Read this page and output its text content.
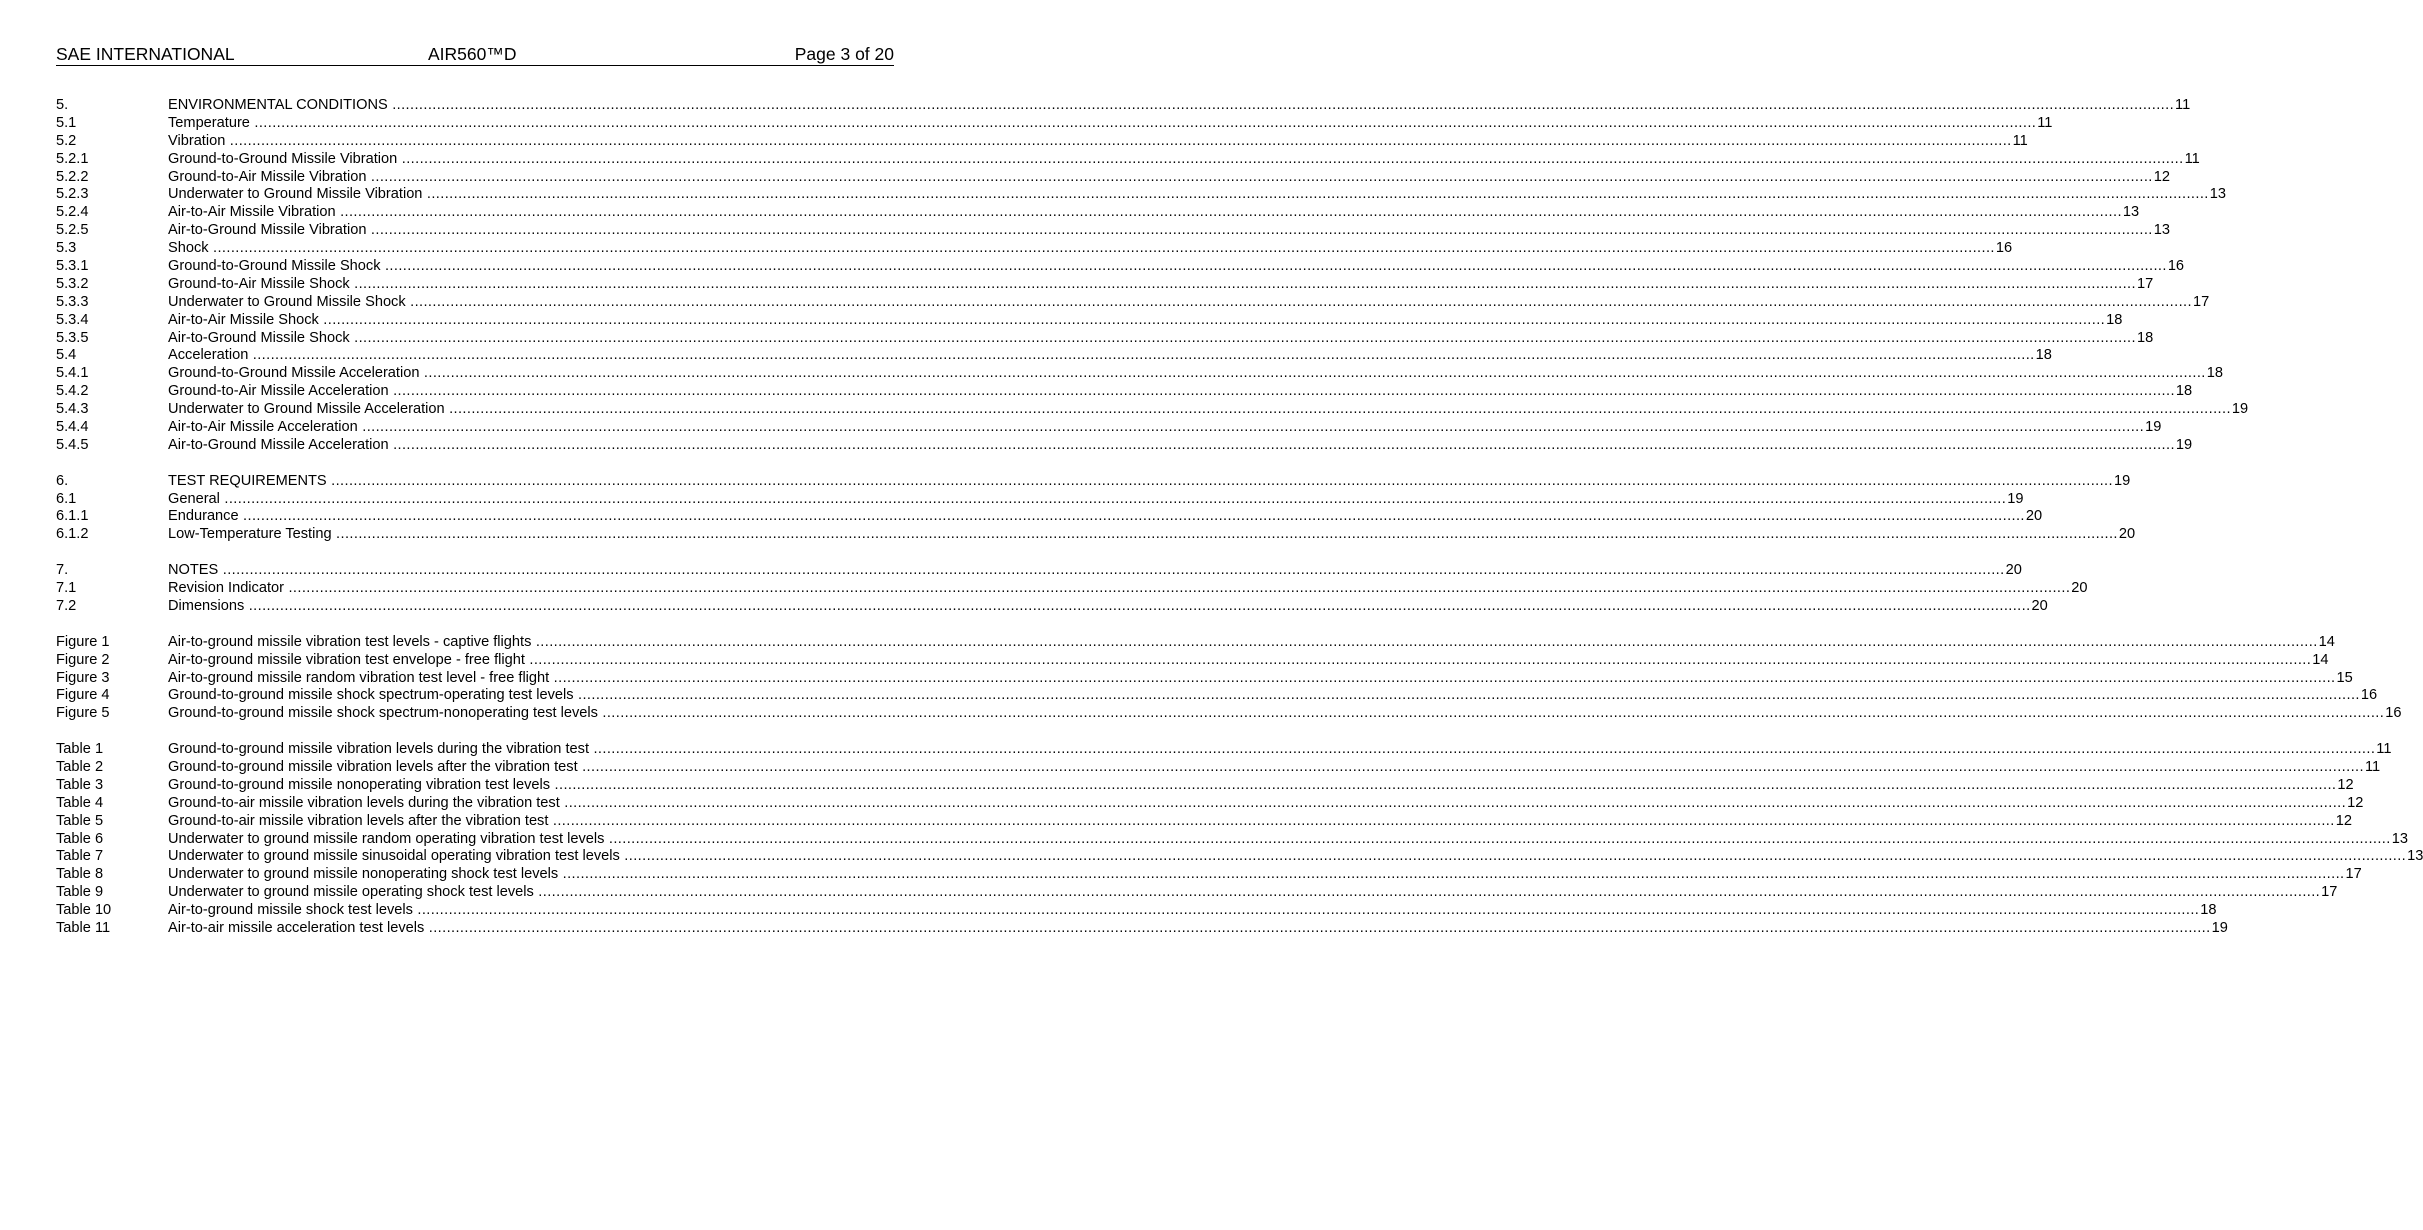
SAE INTERNATIONAL	AIR560™D	Page 3 of 20
5.	ENVIRONMENTAL CONDITIONS ................................................................................................................................................................................................................................................................................................................................................................................................................ 11
5.1	Temperature ................................................................................................................................................................................................................................................................................................................................................................................................................ 11
5.2	Vibration ................................................................................................................................................................................................................................................................................................................................................................................................................ 11
5.2.1	Ground-to-Ground Missile Vibration ................................................................................................................................................................................................................................................................................................................................................................................................................ 11
5.2.2	Ground-to-Air Missile Vibration ................................................................................................................................................................................................................................................................................................................................................................................................................ 12
5.2.3	Underwater to Ground Missile Vibration ................................................................................................................................................................................................................................................................................................................................................................................................................ 13
5.2.4	Air-to-Air Missile Vibration ................................................................................................................................................................................................................................................................................................................................................................................................................ 13
5.2.5	Air-to-Ground Missile Vibration ................................................................................................................................................................................................................................................................................................................................................................................................................ 13
5.3	Shock ................................................................................................................................................................................................................................................................................................................................................................................................................ 16
5.3.1	Ground-to-Ground Missile Shock ................................................................................................................................................................................................................................................................................................................................................................................................................ 16
5.3.2	Ground-to-Air Missile Shock ................................................................................................................................................................................................................................................................................................................................................................................................................ 17
5.3.3	Underwater to Ground Missile Shock ................................................................................................................................................................................................................................................................................................................................................................................................................ 17
5.3.4	Air-to-Air Missile Shock ................................................................................................................................................................................................................................................................................................................................................................................................................ 18
5.3.5	Air-to-Ground Missile Shock ................................................................................................................................................................................................................................................................................................................................................................................................................ 18
5.4	Acceleration ................................................................................................................................................................................................................................................................................................................................................................................................................ 18
5.4.1	Ground-to-Ground Missile Acceleration ................................................................................................................................................................................................................................................................................................................................................................................................................ 18
5.4.2	Ground-to-Air Missile Acceleration ................................................................................................................................................................................................................................................................................................................................................................................................................ 18
5.4.3	Underwater to Ground Missile Acceleration ................................................................................................................................................................................................................................................................................................................................................................................................................ 19
5.4.4	Air-to-Air Missile Acceleration ................................................................................................................................................................................................................................................................................................................................................................................................................ 19
5.4.5	Air-to-Ground Missile Acceleration ................................................................................................................................................................................................................................................................................................................................................................................................................ 19
6.	TEST REQUIREMENTS ................................................................................................................................................................................................................................................................................................................................................................................................................ 19
6.1	General ................................................................................................................................................................................................................................................................................................................................................................................................................ 19
6.1.1	Endurance ................................................................................................................................................................................................................................................................................................................................................................................................................ 20
6.1.2	Low-Temperature Testing ................................................................................................................................................................................................................................................................................................................................................................................................................ 20
7.	NOTES ................................................................................................................................................................................................................................................................................................................................................................................................................ 20
7.1	Revision Indicator ................................................................................................................................................................................................................................................................................................................................................................................................................ 20
7.2	Dimensions ................................................................................................................................................................................................................................................................................................................................................................................................................ 20
Figure 1	Air-to-ground missile vibration test levels - captive flights ................................................................................................................................................................................................................................................................................................................................................................................................................ 14
Figure 2	Air-to-ground missile vibration test envelope - free flight ................................................................................................................................................................................................................................................................................................................................................................................................................ 14
Figure 3	Air-to-ground missile random vibration test level - free flight ................................................................................................................................................................................................................................................................................................................................................................................................................ 15
Figure 4	Ground-to-ground missile shock spectrum-operating test levels ................................................................................................................................................................................................................................................................................................................................................................................................................ 16
Figure 5	Ground-to-ground missile shock spectrum-nonoperating test levels ................................................................................................................................................................................................................................................................................................................................................................................................................ 16
Table 1	Ground-to-ground missile vibration levels during the vibration test ................................................................................................................................................................................................................................................................................................................................................................................................................ 11
Table 2	Ground-to-ground missile vibration levels after the vibration test ................................................................................................................................................................................................................................................................................................................................................................................................................ 11
Table 3	Ground-to-ground missile nonoperating vibration test levels ................................................................................................................................................................................................................................................................................................................................................................................................................ 12
Table 4	Ground-to-air missile vibration levels during the vibration test ................................................................................................................................................................................................................................................................................................................................................................................................................ 12
Table 5	Ground-to-air missile vibration levels after the vibration test ................................................................................................................................................................................................................................................................................................................................................................................................................ 12
Table 6	Underwater to ground missile random operating vibration test levels ................................................................................................................................................................................................................................................................................................................................................................................................................ 13
Table 7	Underwater to ground missile sinusoidal operating vibration test levels ................................................................................................................................................................................................................................................................................................................................................................................................................ 13
Table 8	Underwater to ground missile nonoperating shock test levels ................................................................................................................................................................................................................................................................................................................................................................................................................ 17
Table 9	Underwater to ground missile operating shock test levels ................................................................................................................................................................................................................................................................................................................................................................................................................ 17
Table 10	Air-to-ground missile shock test levels ................................................................................................................................................................................................................................................................................................................................................................................................................ 18
Table 11	Air-to-air missile acceleration test levels ................................................................................................................................................................................................................................................................................................................................................................................................................ 19
